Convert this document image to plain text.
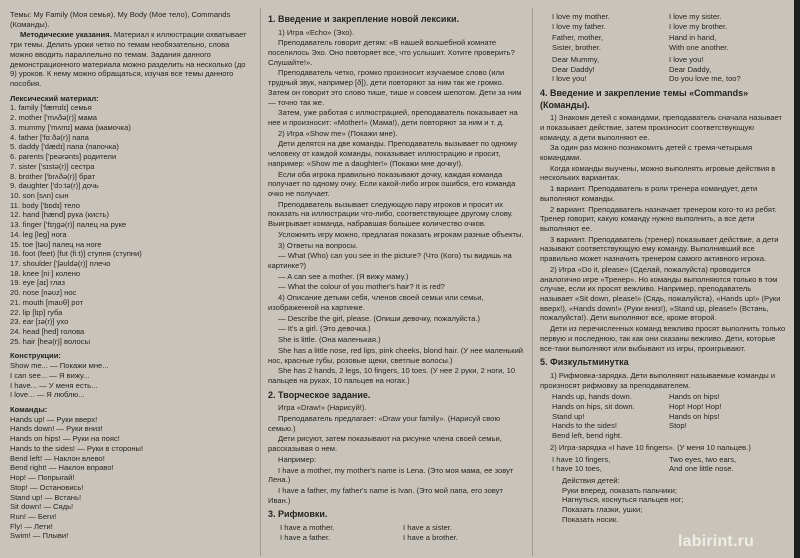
Темы: My Family (Моя семья), My Body (Мое тело), Commands (Команды).

Методические указания. Материал к иллюстрации охватывает три темы. Делить уроки четко по темам необязательно, слова можно вводить параллельно по темам. Задания данного демонстрационного материала можно разделить на несколько (до 9) уроков. К нему можно обращаться, изучая все темы данного пособия.

Лексический материал:
1. family ['fæmɪlɪ] семья
2. mother ['mʌðə(r)] мама
3. mummy ['mʌmɪ] мама (мамочка)
4. father ['fɑːðə(r)] папа
5. daddy ['dædɪ] папа (папочка)
6. parents ['peərənts] родители
7. sister ['sɪstə(r)] сестра
8. brother ['brʌðə(r)] брат
9. daughter ['dɔːtə(r)] дочь
10. son [sʌn] сын
11. body ['bɒdɪ] тело
12. hand [hænd] рука (кисть)
13. finger ['fɪŋgə(r)] палец на руке
14. leg [leg] нога
15. toe [təʊ] палец на ноге
16. foot (feet) [fʊt (fiːt)] ступня (ступни)
17. shoulder ['ʃəʊldə(r)] плечо
18. knee [niː] колено
19. eye [aɪ] глаз
20. nose [nəʊz] нос
21. mouth [maʊθ] рот
22. lip [lɪp] губа
23. ear [ɪə(r)] ухо
24. head [hed] голова
25. hair [heə(r)] волосы
Конструкции:
Show me... — Покажи мне...
I can see... — Я вижу...
I have... — У меня есть...
I love... — Я люблю...
Команды:
Hands up! — Руки вверх!
Hands down! — Руки вниз!
Hands on hips! — Руки на пояс!
Hands to the sides! — Руки в стороны!
Bend left! — Наклон влево!
Bend right! — Наклон вправо!
Hop! — Попрыгай!
Stop! — Остановись!
Stand up! — Встань!
Sit down! — Сядь!
Run! — Беги!
Fly! — Лети!
Swim! — Плыви!
1. Введение и закрепление новой лексики.

1) Игра «Echo» (Эхо).

Преподаватель говорит детям: «В нашей волшебной комнате поселилось Эхо. Оно повторяет все, что услышит. Хотите проверить? Слушайте!».

Преподаватель четко, громко произносит изучаемое слово (или трудный звук, например [ð]), дети повторяют за ним так же громко. Затем он говорит это слово тише, тише и совсем шепотом. Дети за ним — точно так же.

Затем, уже работая с иллюстрацией, преподаватель показывает на нее и произносит: «Mother!» (Мама!), дети повторяют за ним и т. д.

2) Игра «Show me» (Покажи мне).

Дети делятся на две команды. Преподаватель вызывает по одному человеку от каждой команды, показывает иллюстрацию и просит, например: «Show me a daughter!» (Покажи мне дочку!).

Если оба игрока правильно показывают дочку, каждая команда получает по одному очку. Если какой-либо игрок ошибся, его команда очко не получает.

Преподаватель вызывает следующую пару игроков и просит их показать на иллюстрации что-либо, соответствующее другому слову. Выигрывает команда, набравшая большее количество очков.

Усложнить игру можно, предлагая показать игрокам разные объекты.

3) Ответы на вопросы.

— What (Who) can you see in the picture? (Что (Кого) ты видишь на картинке?)

— A can see a mother. (Я вижу маму.)

— What the colour of you mother's hair? It is red?

4) Описание детьми себя, членов своей семьи или семьи, изображенной на картинке.

— Describe the girl, please. (Опиши девочку, пожалуйста.)

— It's a girl. (Это девочка.)

She is little. (Она маленькая.)

She has a little nose, red lips, pink cheeks, blond hair. (У нее маленький нос, красные губы, розовые щеки, светлые волосы.)

She has 2 hands, 2 legs, 10 fingers, 10 toes. (У нее 2 руки, 2 ноги, 10 пальцев на руках, 10 пальцев на ногах.)

2. Творческое задание.

Игра «Draw!» (Нарисуй!).

Преподаватель предлагает: «Draw your family». (Нарисуй свою семью.)

Дети рисуют, затем показывают на рисунке члена своей семьи, рассказывая о нем.

Например:

I have a mother, my mother's name is Lena. (Это моя мама, ее зовут Лена.)

I have a father, my father's name is Ivan. (Это мой папа, его зовут Иван.)

3. Рифмовки.
I have a mother.	I have a sister.
I have a father.	I have a brother.
I love my mother.	I love my sister.
I love my father.	I love my brother.
Father, mother,	Hand in hand,
Sister, brother.	With one another.
Dear Mummy,	I love you!
Dear Daddy!	Dear Daddy,
I love you!	Do you love me, too?
4. Введение и закрепление темы «Commands» (Команды).

1) Знакомя детей с командами, преподаватель сначала называет и показывает действие, затем произносит соответствующую команду, а дети выполняют ее.

За один раз можно познакомить детей с тремя-четырьмя командами.

Когда команды выучены, можно выполнять игровые действия в нескольких вариантах.

1 вариант. Преподаватель в роли тренера командует, дети выполняют команды.

2 вариант. Преподаватель назначает тренером кого-то из ребят. Тренер говорит, какую команду нужно выполнить, а все дети выполняют ее.

3 вариант. Преподаватель (тренер) показывает действие, а дети называют соответствующую ему команду. Выполнивший все правильно может назначить тренером самого активного игрока.

2) Игра «Do it, please» (Сделай, пожалуйста) проводится аналогично игре «Тренер». Но команды выполняются только в том случае, если их просят вежливо. Например, преподаватель называет «Sit down, please!» (Сядь, пожалуйста), «Hands up!» (Руки вверх!), «Hands down!» (Руки вниз!), «Stand up, please!» (Встань, пожалуйста!). Дети выполняют все, кроме второй.

Дети из перечисленных команд вежливо просят выполнить только первую и последнюю, так как они сказаны вежливо. Дети, которые все-таки выполняют или выбывают из игры, проигрывают.

5. Физкультминутка

1) Рифмовка-зарядка. Дети выполняют называемые команды и произносят рифмовку за преподавателем.

Hands up, hands down.	Hands on hips!
Hands on hips, sit down.	Hop! Hop! Hop!
Stand up!	Hands on hips!
Hands to the sides!	Stop!
Bend left, bend right.

2) Игра-зарядка «I have 10 fingers». (У меня 10 пальцев.)

I have 10 fingers,	Two eyes, two ears,
I have 10 toes,	And one little nose.
Действия детей:
Руки вперед, показать пальчики;
Нагнуться, коснуться пальцев ног;
Показать глазки, ушки;
Показать носик.
labirint.ru
